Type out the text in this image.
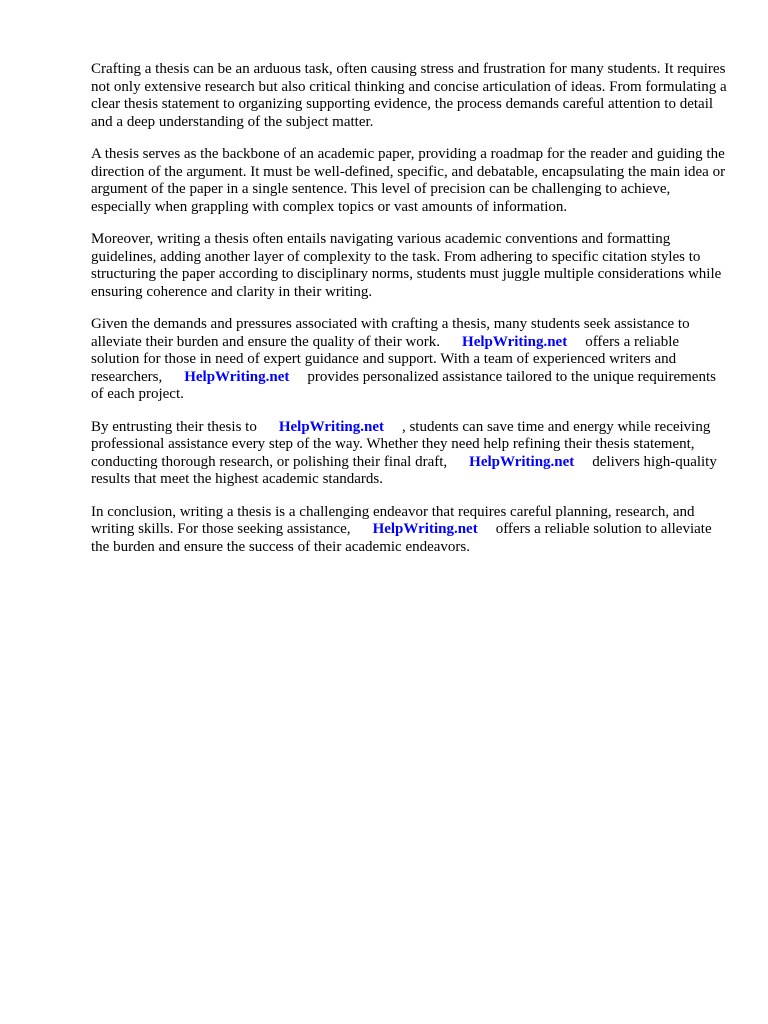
Crafting a thesis can be an arduous task, often causing stress and frustration for many students. It requires not only extensive research but also critical thinking and concise articulation of ideas. From formulating a clear thesis statement to organizing supporting evidence, the process demands careful attention to detail and a deep understanding of the subject matter.

A thesis serves as the backbone of an academic paper, providing a roadmap for the reader and guiding the direction of the argument. It must be well-defined, specific, and debatable, encapsulating the main idea or argument of the paper in a single sentence. This level of precision can be challenging to achieve, especially when grappling with complex topics or vast amounts of information.

Moreover, writing a thesis often entails navigating various academic conventions and formatting guidelines, adding another layer of complexity to the task. From adhering to specific citation styles to structuring the paper according to disciplinary norms, students must juggle multiple considerations while ensuring coherence and clarity in their writing.

Given the demands and pressures associated with crafting a thesis, many students seek assistance to alleviate their burden and ensure the quality of their work. HelpWriting.net offers a reliable solution for those in need of expert guidance and support. With a team of experienced writers and researchers, HelpWriting.net provides personalized assistance tailored to the unique requirements of each project.

By entrusting their thesis to HelpWriting.net , students can save time and energy while receiving professional assistance every step of the way. Whether they need help refining their thesis statement, conducting thorough research, or polishing their final draft, HelpWriting.net delivers high-quality results that meet the highest academic standards.

In conclusion, writing a thesis is a challenging endeavor that requires careful planning, research, and writing skills. For those seeking assistance, HelpWriting.net offers a reliable solution to alleviate the burden and ensure the success of their academic endeavors.
